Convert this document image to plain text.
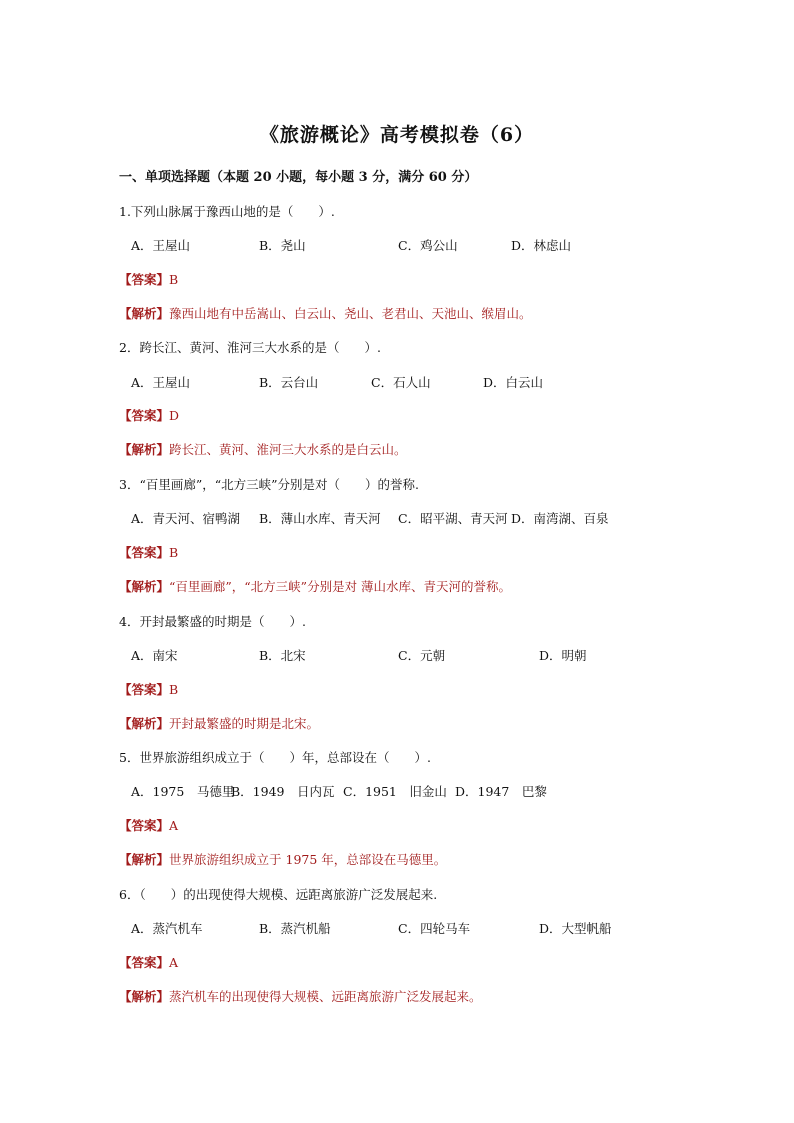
《旅游概论》高考模拟卷（6）
一、单项选择题（本题 20 小题，每小题 3 分，满分 60 分）
1.下列山脉属于豫西山地的是（　　）.
A．王屋山	B．尧山	C．鸡公山	D．林虑山
【答案】B
【解析】豫西山地有中岳嵩山、白云山、尧山、老君山、天池山、缑眉山。
2．跨长江、黄河、淮河三大水系的是（　　）.
A．王屋山	B．云台山	C．石人山	D．白云山
【答案】D
【解析】跨长江、黄河、淮河三大水系的是白云山。
3．“百里画廊”，“北方三峡”分别是对（　　）的誉称.
A．青天河、宿鸭湖 B．薄山水库、青天河 C．昭平湖、青天河 D．南湾湖、百泉
【答案】B
【解析】“百里画廊”，“北方三峡”分别是对 薄山水库、青天河的誉称。
4．开封最繁盛的时期是（　　）.
A．南宋	B．北宋	C．元朝	D．明朝
【答案】B
【解析】开封最繁盛的时期是北宋。
5．世界旅游组织成立于（　　）年，总部设在（　　）.
A．1975　马德里
B．1949　日内瓦 C．1951　旧金山 D．1947　巴黎
【答案】A
【解析】世界旅游组织成立于 1975 年，总部设在马德里。
6．（　　）的出现使得大规模、远距离旅游广泛发展起来.
A．蒸汽机车	B．蒸汽机船	C．四轮马车	D．大型帆船
【答案】A
【解析】蒸汽机车的出现使得大规模、远距离旅游广泛发展起来。
